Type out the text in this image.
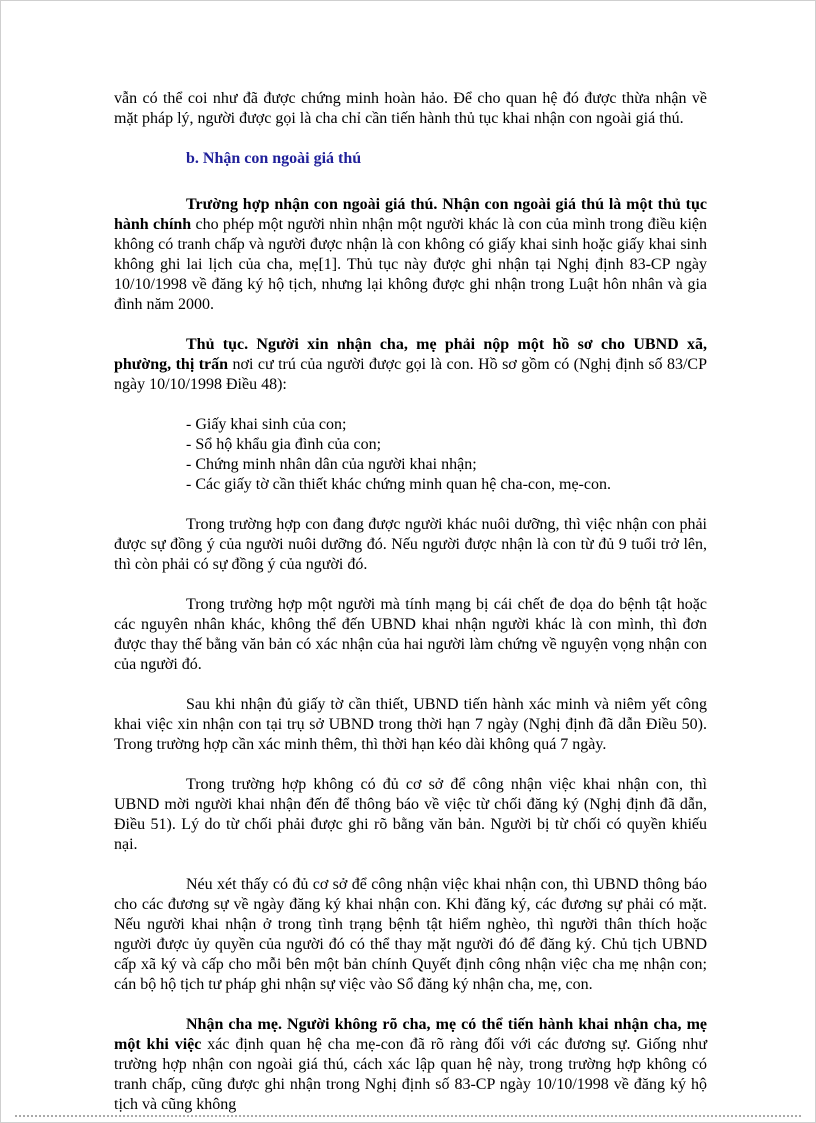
vẫn có thể coi như đã được chứng minh hoàn hảo. Để cho quan hệ đó được thừa nhận về mặt pháp lý, người được gọi là cha chỉ cần tiến hành thủ tục khai nhận con ngoài giá thú.

b. Nhận con ngoài giá thú

Trường hợp nhận con ngoài giá thú. Nhận con ngoài giá thú là một thủ tục hành chính cho phép một người nhìn nhận một người khác là con của mình trong điều kiện không có tranh chấp và người được nhận là con không có giấy khai sinh hoặc giấy khai sinh không ghi lai lịch của cha, mẹ[1]. Thủ tục này được ghi nhận tại Nghị định 83-CP ngày 10/10/1998 về đăng ký hộ tịch, nhưng lại không được ghi nhận trong Luật hôn nhân và gia đình năm 2000.

Thủ tục. Người xin nhận cha, mẹ phải nộp một hồ sơ cho UBND xã, phường, thị trấn nơi cư trú của người được gọi là con. Hồ sơ gồm có (Nghị định số 83/CP ngày 10/10/1998 Điều 48):

- Giấy khai sinh của con;
- Sổ hộ khẩu gia đình của con;
- Chứng minh nhân dân của người khai nhận;
- Các giấy tờ cần thiết khác chứng minh quan hệ cha-con, mẹ-con.

Trong trường hợp con đang được người khác nuôi dưỡng, thì việc nhận con phải được sự đồng ý của người nuôi dưỡng đó. Nếu người được nhận là con từ đủ 9 tuổi trở lên, thì còn phải có sự đồng ý của người đó.

Trong trường hợp một người mà tính mạng bị cái chết đe dọa do bệnh tật hoặc các nguyên nhân khác, không thể đến UBND khai nhận người khác là con mình, thì đơn được thay thế bằng văn bản có xác nhận của hai người làm chứng về nguyện vọng nhận con của người đó.

Sau khi nhận đủ giấy tờ cần thiết, UBND tiến hành xác minh và niêm yết công khai việc xin nhận con tại trụ sở UBND trong thời hạn 7 ngày (Nghị định đã dẫn Điều 50). Trong trường hợp cần xác minh thêm, thì thời hạn kéo dài không quá 7 ngày.

Trong trường hợp không có đủ cơ sở để công nhận việc khai nhận con, thì UBND mời người khai nhận đến để thông báo về việc từ chối đăng ký (Nghị định đã dẫn, Điều 51). Lý do từ chối phải được ghi rõ bằng văn bản. Người bị từ chối có quyền khiếu nại.

Néu xét thấy có đủ cơ sở để công nhận việc khai nhận con, thì UBND thông báo cho các đương sự về ngày đăng ký khai nhận con. Khi đăng ký, các đương sự phải có mặt. Nếu người khai nhận ở trong tình trạng bệnh tật hiểm nghèo, thì người thân thích hoặc người được ủy quyền của người đó có thể thay mặt người đó để đăng ký. Chủ tịch UBND cấp xã ký và cấp cho mỗi bên một bản chính Quyết định công nhận việc cha mẹ nhận con; cán bộ hộ tịch tư pháp ghi nhận sự việc vào Sổ đăng ký nhận cha, mẹ, con.

Nhận cha mẹ. Người không rõ cha, mẹ có thể tiến hành khai nhận cha, mẹ một khi việc xác định quan hệ cha mẹ-con đã rõ ràng đối với các đương sự. Giống như trường hợp nhận con ngoài giá thú, cách xác lập quan hệ này, trong trường hợp không có tranh chấp, cũng được ghi nhận trong Nghị định số 83-CP ngày 10/10/1998 về đăng ký hộ tịch và cũng không
